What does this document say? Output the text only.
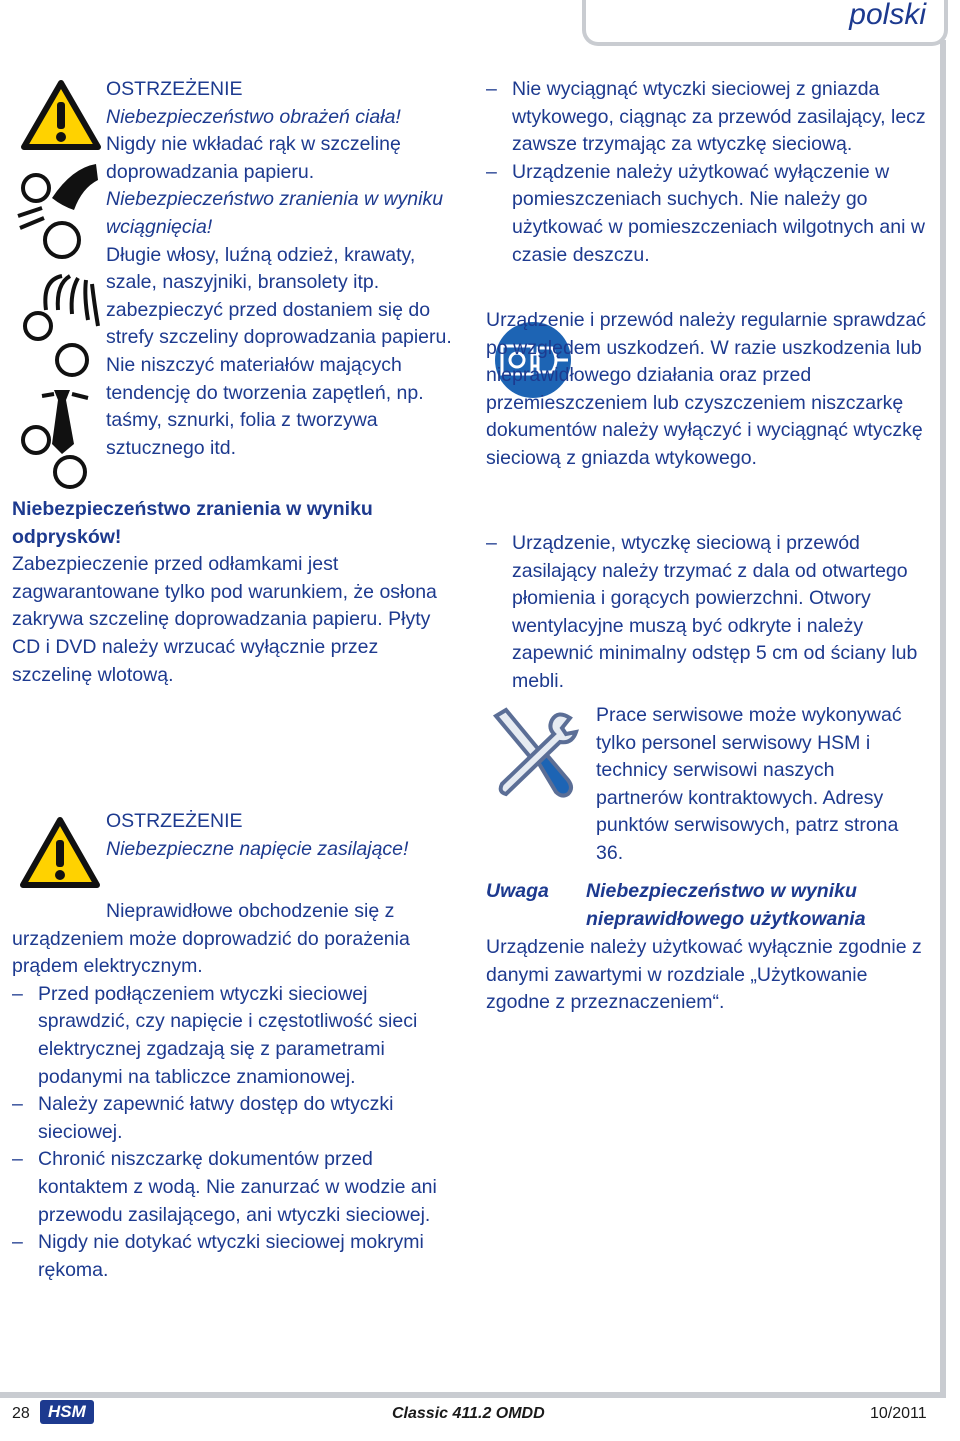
polski

OSTRZEŻENIE

Niebezpieczeństwo obrażeń ciała!

Nigdy nie wkładać rąk w szczelinę doprowadzania papieru.

Niebezpieczeństwo zranienia w wyniku wciągnięcia!

Długie włosy, luźną odzież, krawaty, szale, naszyjniki, bransolety itp. zabezpieczyć przed dostaniem się do strefy szczeliny doprowadzania papieru. Nie niszczyć materiałów mających tendencję do tworzenia zapętleń, np. taśmy, sznurki, folia z tworzywa sztucznego itd.

Niebezpieczeństwo zranienia w wyniku odprysków!

Zabezpieczenie przed odłamkami jest zagwarantowane tylko pod warunkiem, że osłona zakrywa szczelinę doprowadzania papieru. Płyty CD i DVD należy wrzucać wyłącznie przez szczelinę wlotową.

OSTRZEŻENIE

Niebezpieczne napięcie zasilające!

Nieprawidłowe obchodzenie się z urządzeniem może doprowadzić do porażenia prądem elektrycznym.

– Przed podłączeniem wtyczki sieciowej sprawdzić, czy napięcie i częstotliwość sieci elektrycznej zgadzają się z parametrami podanymi na tabliczce znamionowej.

– Należy zapewnić łatwy dostęp do wtyczki sieciowej.

– Chronić niszczarkę dokumentów przed kontaktem z wodą. Nie zanurzać w wodzie ani przewodu zasilającego, ani wtyczki sieciowej.

– Nigdy nie dotykać wtyczki sieciowej mokrymi rękoma.

– Nie wyciągnąć wtyczki sieciowej z gniazda wtykowego, ciągnąc za przewód zasilający, lecz zawsze trzymając za wtyczkę sieciową.

– Urządzenie należy użytkować wyłączenie w pomieszczeniach suchych. Nie należy go użytkować w pomieszczeniach wilgotnych ani w czasie deszczu.

Urządzenie i przewód należy regularnie sprawdzać po względem uszkodzeń. W razie uszkodzenia lub nieprawidłowego działania oraz przed przemieszczeniem lub czyszczeniem niszczarkę dokumentów należy wyłączyć i wyciągnąć wtyczkę sieciową z gniazda wtykowego.

– Urządzenie, wtyczkę sieciową i przewód zasilający należy trzymać z dala od otwartego płomienia i gorących powierzchni. Otwory wentylacyjne muszą być odkryte i należy zapewnić minimalny odstęp 5 cm od ściany lub mebli.

Prace serwisowe może wykonywać tylko personel serwisowy HSM i technicy serwisowi naszych partnerów kontraktowych. Adresy punktów serwisowych, patrz strona 36.

Uwaga	Niebezpieczeństwo w wyniku nieprawidłowego użytkowania

Urządzenie należy użytkować wyłącznie zgodnie z danymi zawartymi w rozdziale „Użytkowanie zgodne z przeznaczeniem“.

28	HSM	Classic 411.2 OMDD	10/2011
